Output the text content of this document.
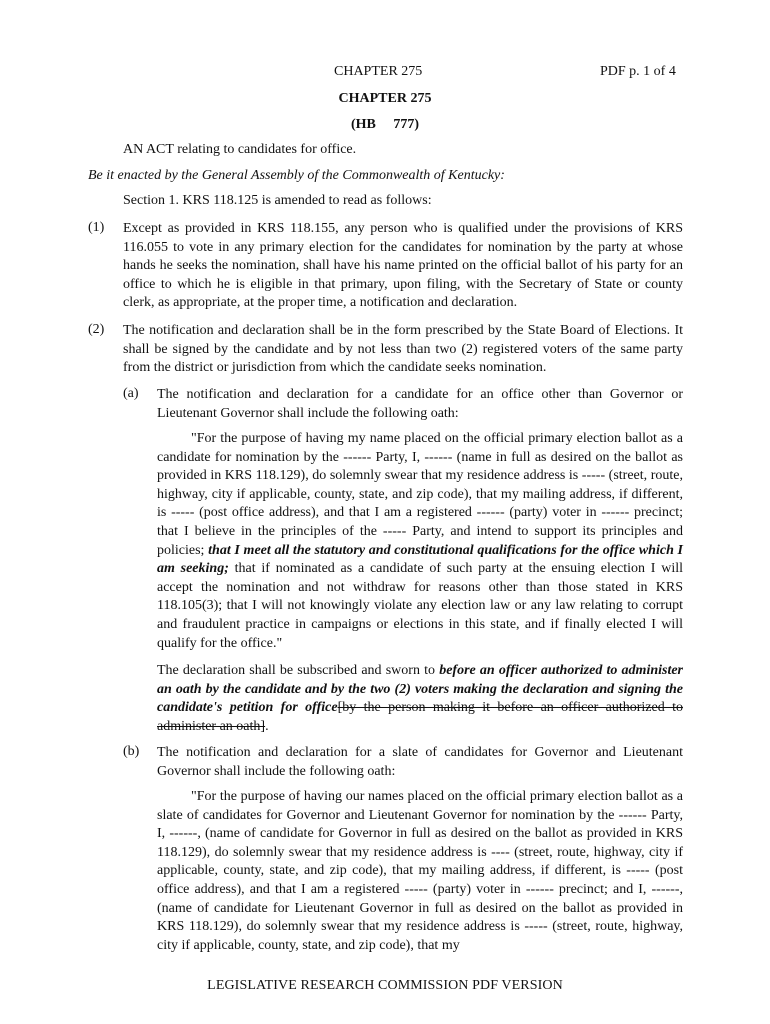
CHAPTER 275	PDF p. 1 of 4
CHAPTER 275
(HB 777)
AN ACT relating to candidates for office.
Be it enacted by the General Assembly of the Commonwealth of Kentucky:
Section 1. KRS 118.125 is amended to read as follows:
(1) Except as provided in KRS 118.155, any person who is qualified under the provisions of KRS 116.055 to vote in any primary election for the candidates for nomination by the party at whose hands he seeks the nomination, shall have his name printed on the official ballot of his party for an office to which he is eligible in that primary, upon filing, with the Secretary of State or county clerk, as appropriate, at the proper time, a notification and declaration.

(2) The notification and declaration shall be in the form prescribed by the State Board of Elections. It shall be signed by the candidate and by not less than two (2) registered voters of the same party from the district or jurisdiction from which the candidate seeks nomination.

(a) The notification and declaration for a candidate for an office other than Governor or Lieutenant Governor shall include the following oath:

"For the purpose of having my name placed on the official primary election ballot as a candidate for nomination by the ------ Party, I, ------ (name in full as desired on the ballot as provided in KRS 118.129), do solemnly swear that my residence address is ----- (street, route, highway, city if applicable, county, state, and zip code), that my mailing address, if different, is ----- (post office address), and that I am a registered ------ (party) voter in ------ precinct; that I believe in the principles of the ----- Party, and intend to support its principles and policies; that I meet all the statutory and constitutional qualifications for the office which I am seeking; that if nominated as a candidate of such party at the ensuing election I will accept the nomination and not withdraw for reasons other than those stated in KRS 118.105(3); that I will not knowingly violate any election law or any law relating to corrupt and fraudulent practice in campaigns or elections in this state, and if finally elected I will qualify for the office."

The declaration shall be subscribed and sworn to before an officer authorized to administer an oath by the candidate and by the two (2) voters making the declaration and signing the candidate's petition for office[by the person making it before an officer authorized to administer an oath].

(b) The notification and declaration for a slate of candidates for Governor and Lieutenant Governor shall include the following oath:

"For the purpose of having our names placed on the official primary election ballot as a slate of candidates for Governor and Lieutenant Governor for nomination by the ------ Party, I, ------, (name of candidate for Governor in full as desired on the ballot as provided in KRS 118.129), do solemnly swear that my residence address is ---- (street, route, highway, city if applicable, county, state, and zip code), that my mailing address, if different, is ----- (post office address), and that I am a registered ----- (party) voter in ------ precinct; and I, ------, (name of candidate for Lieutenant Governor in full as desired on the ballot as provided in KRS 118.129), do solemnly swear that my residence address is ----- (street, route, highway, city if applicable, county, state, and zip code), that my

LEGISLATIVE RESEARCH COMMISSION PDF VERSION
